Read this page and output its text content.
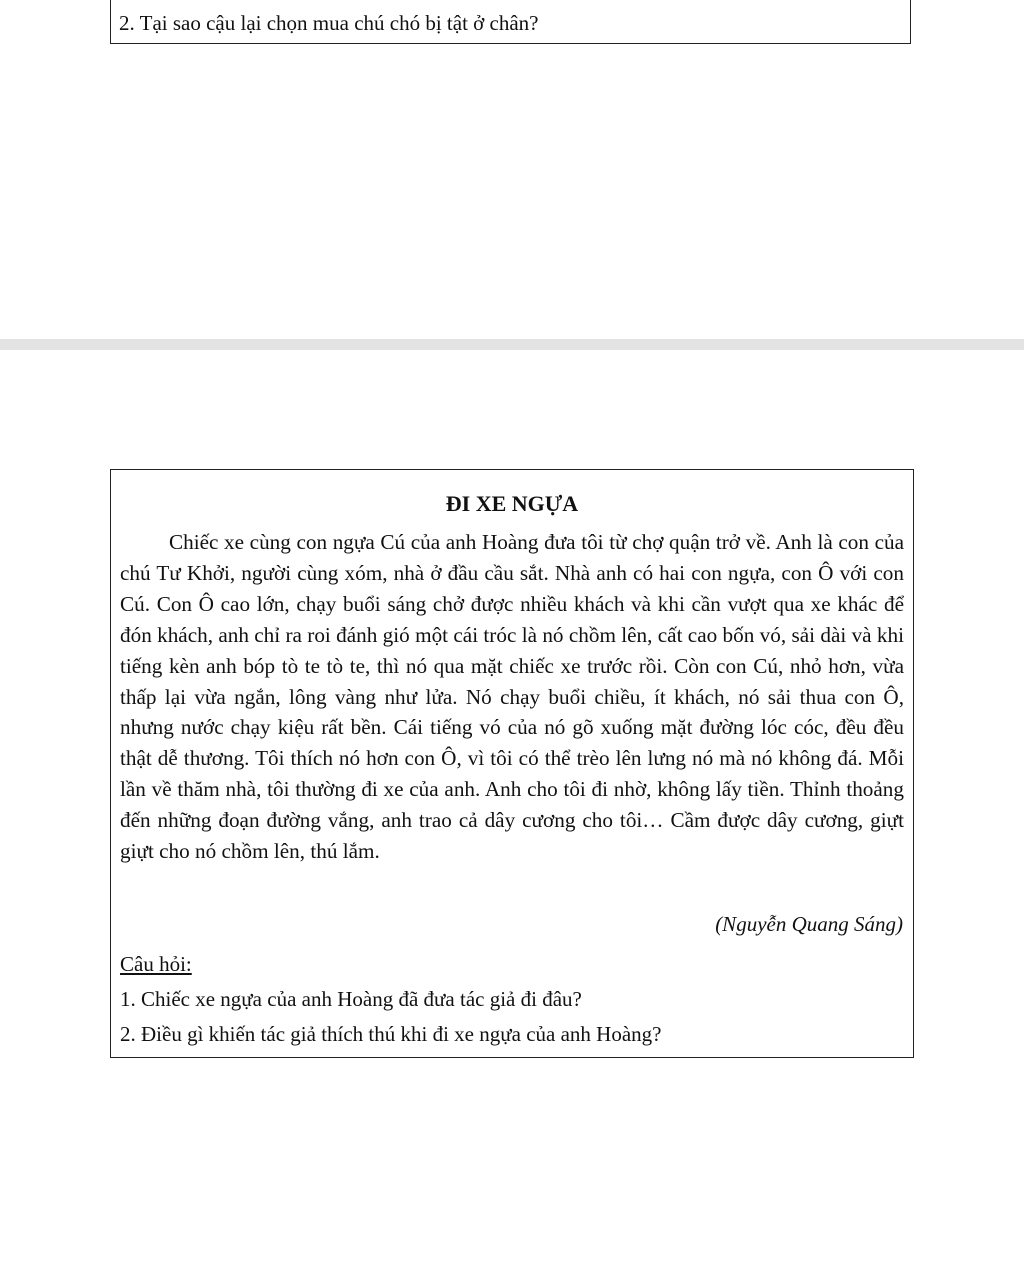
2. Tại sao cậu lại chọn mua chú chó bị tật ở chân?
ĐI XE NGỰA

Chiếc xe cùng con ngựa Cú của anh Hoàng đưa tôi từ chợ quận trở về. Anh là con của chú Tư Khởi, người cùng xóm, nhà ở đầu cầu sắt. Nhà anh có hai con ngựa, con Ô với con Cú. Con Ô cao lớn, chạy buổi sáng chở được nhiều khách và khi cần vượt qua xe khác để đón khách, anh chỉ ra roi đánh gió một cái tróc là nó chồm lên, cất cao bốn vó, sải dài và khi tiếng kèn anh bóp tò te tò te, thì nó qua mặt chiếc xe trước rồi. Còn con Cú, nhỏ hơn, vừa thấp lại vừa ngắn, lông vàng như lửa. Nó chạy buổi chiều, ít khách, nó sải thua con Ô, nhưng nước chạy kiệu rất bền. Cái tiếng vó của nó gõ xuống mặt đường lóc cóc, đều đều thật dễ thương. Tôi thích nó hơn con Ô, vì tôi có thể trèo lên lưng nó mà nó không đá. Mỗi lần về thăm nhà, tôi thường đi xe của anh. Anh cho tôi đi nhờ, không lấy tiền. Thỉnh thoảng đến những đoạn đường vắng, anh trao cả dây cương cho tôi… Cầm được dây cương, giựt giựt cho nó chồm lên, thú lắm.

(Nguyễn Quang Sáng)
Câu hỏi:
1. Chiếc xe ngựa của anh Hoàng đã đưa tác giả đi đâu?
2. Điều gì khiến tác giả thích thú khi đi xe ngựa của anh Hoàng?
